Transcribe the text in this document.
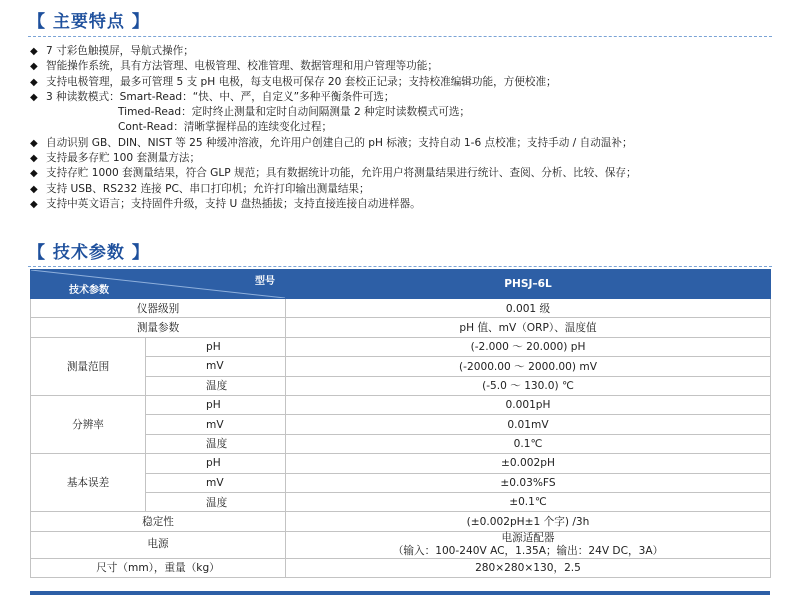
【 主要特点 】
◆ 7 寸彩色触摸屏，导航式操作；
◆ 智能操作系统，具有方法管理、电极管理、校准管理、数据管理和用户管理等功能；
◆ 支持电极管理，最多可管理 5 支 pH 电极，每支电极可保存 20 套校正记录；支持校准编辑功能，方便校准；
◆ 3 种读数模式：Smart-Read：“快、中、严，自定义”多种平衡条件可选；
Timed-Read：定时终止测量和定时自动间隔测量 2 种定时读数模式可选；
Cont-Read：清晰掌握样品的连续变化过程；
◆ 自动识别 GB、DIN、NIST 等 25 种缓冲溶液，允许用户创建自己的 pH 标液；支持自动 1-6 点校准；支持手动 / 自动温补；
◆ 支持最多存贮 100 套测量方法；
◆ 支持存贮 1000 套测量结果，符合 GLP 规范；具有数据统计功能，允许用户将测量结果进行统计、查阅、分析、比较、保存；
◆ 支持 USB、RS232 连接 PC、串口打印机；允许打印输出测量结果；
◆ 支持中英文语言；支持固件升级，支持 U 盘热插拔；支持直接连接自动进样器。
【 技术参数 】
型号
技术参数		PHSJ–6L
仪器级别		0.001 级
测量参数		pH 值、mV（ORP）、温度值
测量范围	pH	(-2.000 ～ 20.000) pH
	mV	(-2000.00 ～ 2000.00) mV
	温度	(-5.0 ～ 130.0) ℃
分辨率	pH	0.001pH
	mV	0.01mV
	温度	0.1℃
基本误差	pH	±0.002pH
	mV	±0.03%FS
	温度	±0.1℃
稳定性		(±0.002pH±1 个字) /3h
电源		电源适配器
（输入：100-240V AC，1.35A；输出：24V DC，3A）

尺寸（mm），重量（kg）		280×280×130，2.5
